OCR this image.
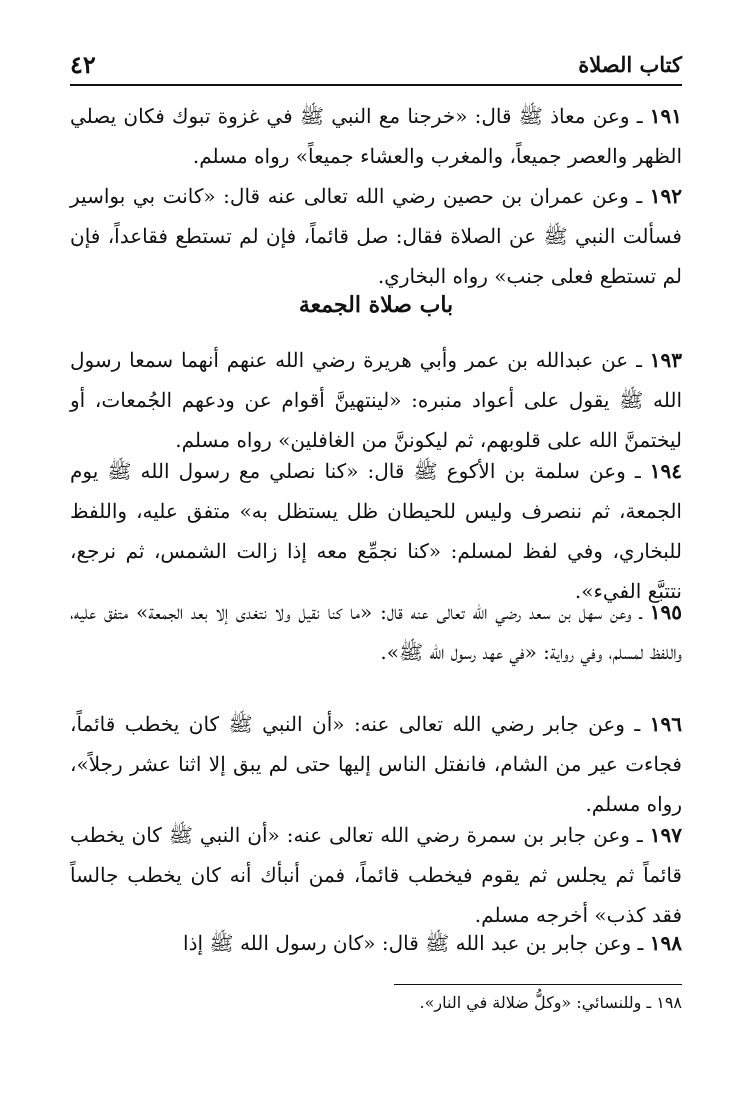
كتاب الصلاة
٤٢

١٩١ ـ وعن معاذ ﷺ قال: «خرجنا مع النبي ﷺ في غزوة تبوك فكان يصلي الظهر والعصر جميعاً، والمغرب والعشاء جميعاً» رواه مسلم.

١٩٢ ـ وعن عمران بن حصين رضي الله تعالى عنه قال: «كانت بي بواسير فسألت النبي ﷺ عن الصلاة فقال: صل قائماً، فإن لم تستطع فقاعداً، فإن لم تستطع فعلى جنب» رواه البخاري.

باب صلاة الجمعة

١٩٣ ـ عن عبدالله بن عمر وأبي هريرة رضي الله عنهم أنهما سمعا رسول الله ﷺ يقول على أعواد منبره: «لينتهينَّ أقوام عن ودعهم الجُمعات، أو ليختمنَّ الله على قلوبهم، ثم ليكوننَّ من الغافلين» رواه مسلم.

١٩٤ ـ وعن سلمة بن الأكوع ﷺ قال: «كنا نصلي مع رسول الله ﷺ يوم الجمعة، ثم ننصرف وليس للحيطان ظل يستظل به» متفق عليه، واللفظ للبخاري، وفي لفظ لمسلم: «كنا نجمِّع معه إذا زالت الشمس، ثم نرجع، نتتبَّع الفيء».

١٩٥ ـ وعن سهل بن سعد رضي الله تعالى عنه قال: «ما كنا نقيل ولا نتغدى إلا بعد الجمعة» متفق عليه، واللفظ لمسلم، وفي رواية: «في عهد رسول الله ﷺ».

١٩٦ ـ وعن جابر رضي الله تعالى عنه: «أن النبي ﷺ كان يخطب قائماً، فجاءت عير من الشام، فانفتل الناس إليها حتى لم يبق إلا اثنا عشر رجلاً»، رواه مسلم.

١٩٧ ـ وعن جابر بن سمرة رضي الله تعالى عنه: «أن النبي ﷺ كان يخطب قائماً ثم يجلس ثم يقوم فيخطب قائماً، فمن أنبأك أنه كان يخطب جالساً فقد كذب» أخرجه مسلم.

١٩٨ ـ وعن جابر بن عبد الله ﷺ قال: «كان رسول الله ﷺ إذا

١٩٨ ـ وللنسائي: «وكلُّ ضلالة في النار».
